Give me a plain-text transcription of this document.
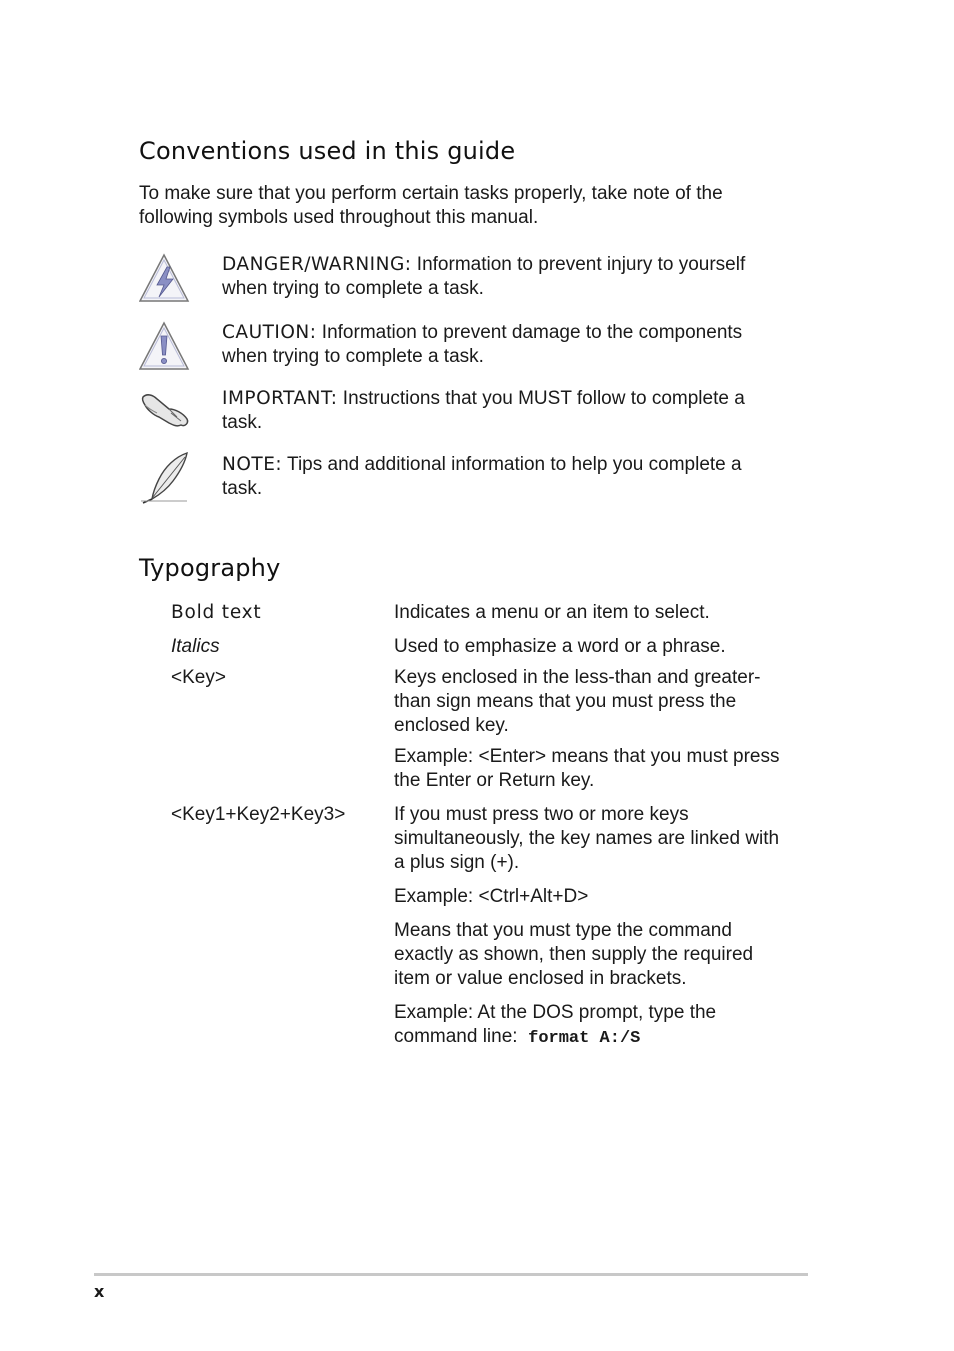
Conventions used in this guide
To make sure that you perform certain tasks properly, take note of the
following symbols used throughout this manual.
DANGER/WARNING: Information to prevent injury to yourself
when trying to complete a task.
CAUTION: Information to prevent damage to the components
when trying to complete a task.
IMPORTANT: Instructions that you MUST follow to complete a
task.
NOTE: Tips and additional information to help you complete a
task.
Typography
Bold text	Indicates a menu or an item to select.
Italics	Used to emphasize a word or a phrase.
<Key>	Keys enclosed in the less-than and greater-
than sign means that you must press the
enclosed key.
Example: <Enter> means that you must press
the Enter or Return key.
<Key1+Key2+Key3>	If you must press two or more keys
simultaneously, the key names are linked with
a plus sign (+).
Example: <Ctrl+Alt+D>
Means that you must type the command
exactly as shown, then supply the required
item or value enclosed in brackets.
Example: At the DOS prompt, type the
command line: format A:/S
x
